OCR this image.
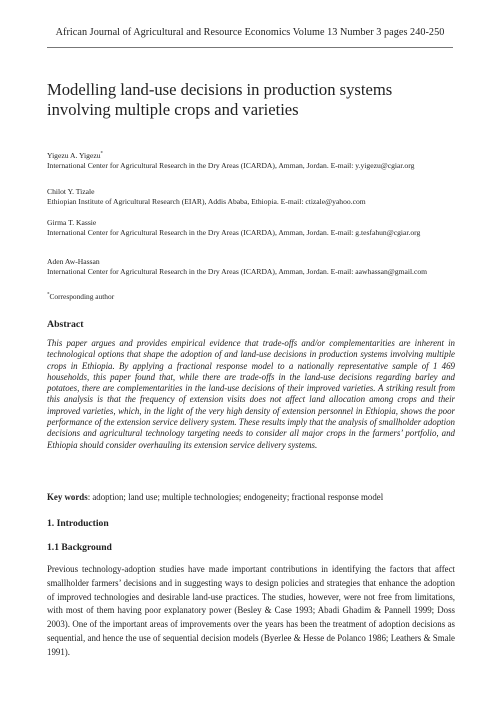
African Journal of Agricultural and Resource Economics Volume 13 Number 3 pages 240-250
Modelling land-use decisions in production systems involving multiple crops and varieties
Yigezu A. Yigezu*
International Center for Agricultural Research in the Dry Areas (ICARDA), Amman, Jordan. E-mail: y.yigezu@cgiar.org
Chilot Y. Tizale
Ethiopian Institute of Agricultural Research (EIAR), Addis Ababa, Ethiopia. E-mail: ctizale@yahoo.com
Girma T. Kassie
International Center for Agricultural Research in the Dry Areas (ICARDA), Amman, Jordan. E-mail: g.tesfahun@cgiar.org
Aden Aw-Hassan
International Center for Agricultural Research in the Dry Areas (ICARDA), Amman, Jordan. E-mail: aawhassan@gmail.com
*Corresponding author
Abstract
This paper argues and provides empirical evidence that trade-offs and/or complementarities are inherent in technological options that shape the adoption of and land-use decisions in production systems involving multiple crops in Ethiopia. By applying a fractional response model to a nationally representative sample of 1 469 households, this paper found that, while there are trade-offs in the land-use decisions regarding barley and potatoes, there are complementarities in the land-use decisions of their improved varieties. A striking result from this analysis is that the frequency of extension visits does not affect land allocation among crops and their improved varieties, which, in the light of the very high density of extension personnel in Ethiopia, shows the poor performance of the extension service delivery system. These results imply that the analysis of smallholder adoption decisions and agricultural technology targeting needs to consider all major crops in the farmers’ portfolio, and Ethiopia should consider overhauling its extension service delivery systems.
Key words: adoption; land use; multiple technologies; endogeneity; fractional response model
1. Introduction
1.1 Background
Previous technology-adoption studies have made important contributions in identifying the factors that affect smallholder farmers’ decisions and in suggesting ways to design policies and strategies that enhance the adoption of improved technologies and desirable land-use practices. The studies, however, were not free from limitations, with most of them having poor explanatory power (Besley & Case 1993; Abadi Ghadim & Pannell 1999; Doss 2003). One of the important areas of improvements over the years has been the treatment of adoption decisions as sequential, and hence the use of sequential decision models (Byerlee & Hesse de Polanco 1986; Leathers & Smale 1991).
